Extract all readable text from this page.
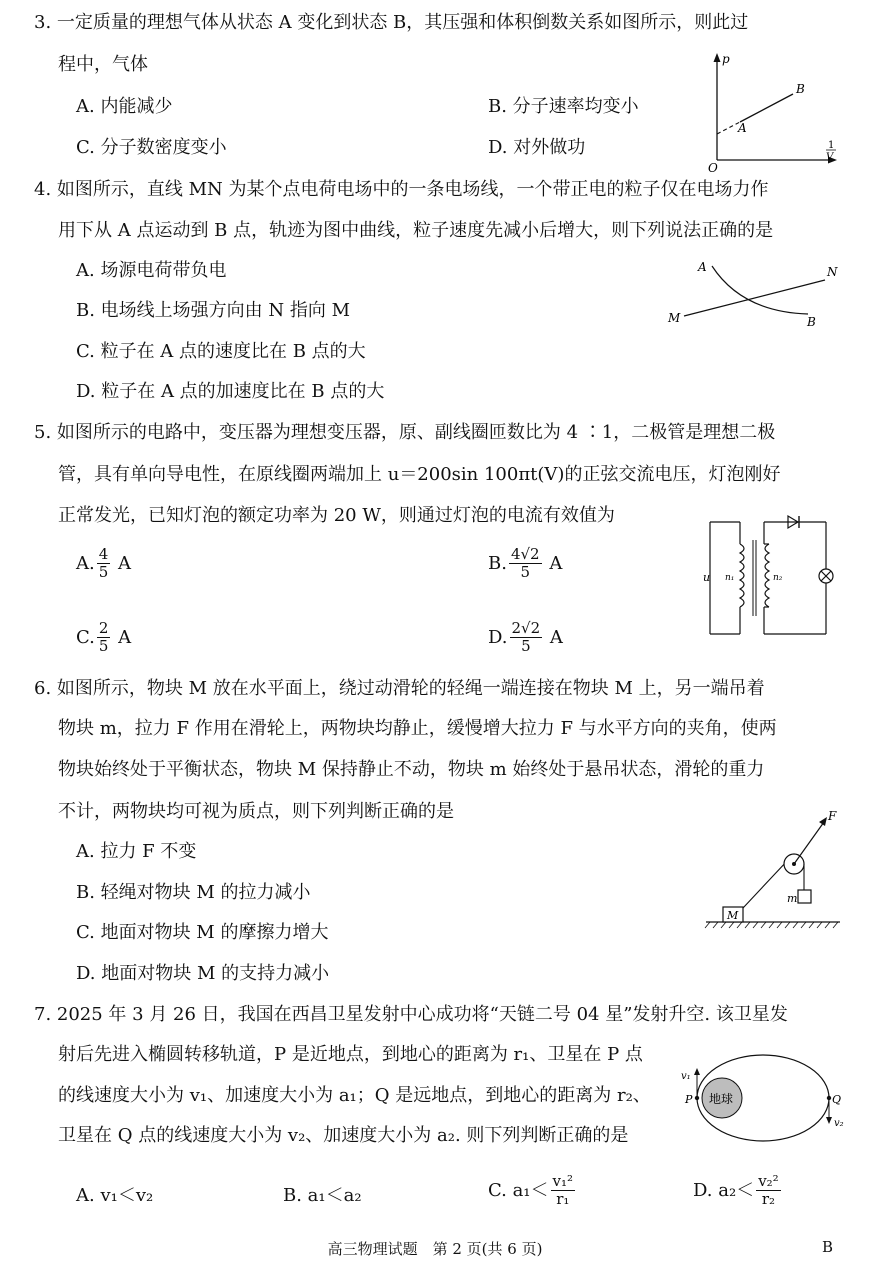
3. 一定质量的理想气体从状态 A 变化到状态 B，其压强和体积倒数关系如图所示，则此过
程中，气体
A. 内能减少	B. 分子速率均变小
C. 分子数密度变小	D. 对外做功
p
B
A
O
1
V
4. 如图所示，直线 MN 为某个点电荷电场中的一条电场线，一个带正电的粒子仅在电场力作
用下从 A 点运动到 B 点，轨迹为图中曲线，粒子速度先减小后增大，则下列说法正确的是
A. 场源电荷带负电
B. 电场线上场强方向由 N 指向 M
C. 粒子在 A 点的速度比在 B 点的大
D. 粒子在 A 点的加速度比在 B 点的大
A	N
M	B
5. 如图所示的电路中，变压器为理想变压器，原、副线圈匝数比为 4 ∶1，二极管是理想二极
管，具有单向导电性，在原线圈两端加上 u＝200sin 100πt(V)的正弦交流电压，灯泡刚好
正常发光，已知灯泡的额定功率为 20 W，则通过灯泡的电流有效值为
A. $\frac{4}{5}$ A	B. $\frac{4√2}{5}$ A
C. $\frac{2}{5}$ A	D. $\frac{2√2}{5}$ A
u n₁	n₂
6. 如图所示，物块 M 放在水平面上，绕过动滑轮的轻绳一端连接在物块 M 上，另一端吊着
物块 m，拉力 F 作用在滑轮上，两物块均静止，缓慢增大拉力 F 与水平方向的夹角，使两
物块始终处于平衡状态，物块 M 保持静止不动，物块 m 始终处于悬吊状态，滑轮的重力
不计，两物块均可视为质点，则下列判断正确的是
A. 拉力 F 不变
B. 轻绳对物块 M 的拉力减小
C. 地面对物块 M 的摩擦力增大
D. 地面对物块 M 的支持力减小
M
m
F
7. 2025 年 3 月 26 日，我国在西昌卫星发射中心成功将“天链二号 04 星”发射升空. 该卫星发
射后先进入椭圆转移轨道，P 是近地点，到地心的距离为 r₁、卫星在 P 点
的线速度大小为 v₁、加速度大小为 a₁；Q 是远地点，到地心的距离为 r₂、
卫星在 Q 点的线速度大小为 v₂、加速度大小为 a₂. 则下列判断正确的是
A. v₁＜v₂	B. a₁＜a₂	C. $a_1< \frac{\text{v₁²}}{\text{r₁}}$	D. $a_2< \frac{\text{v₂²}}{\text{r₂}}$
地球
v₁
v₂
P	Q
高三物理试题　第 2 页(共 6 页)	B
